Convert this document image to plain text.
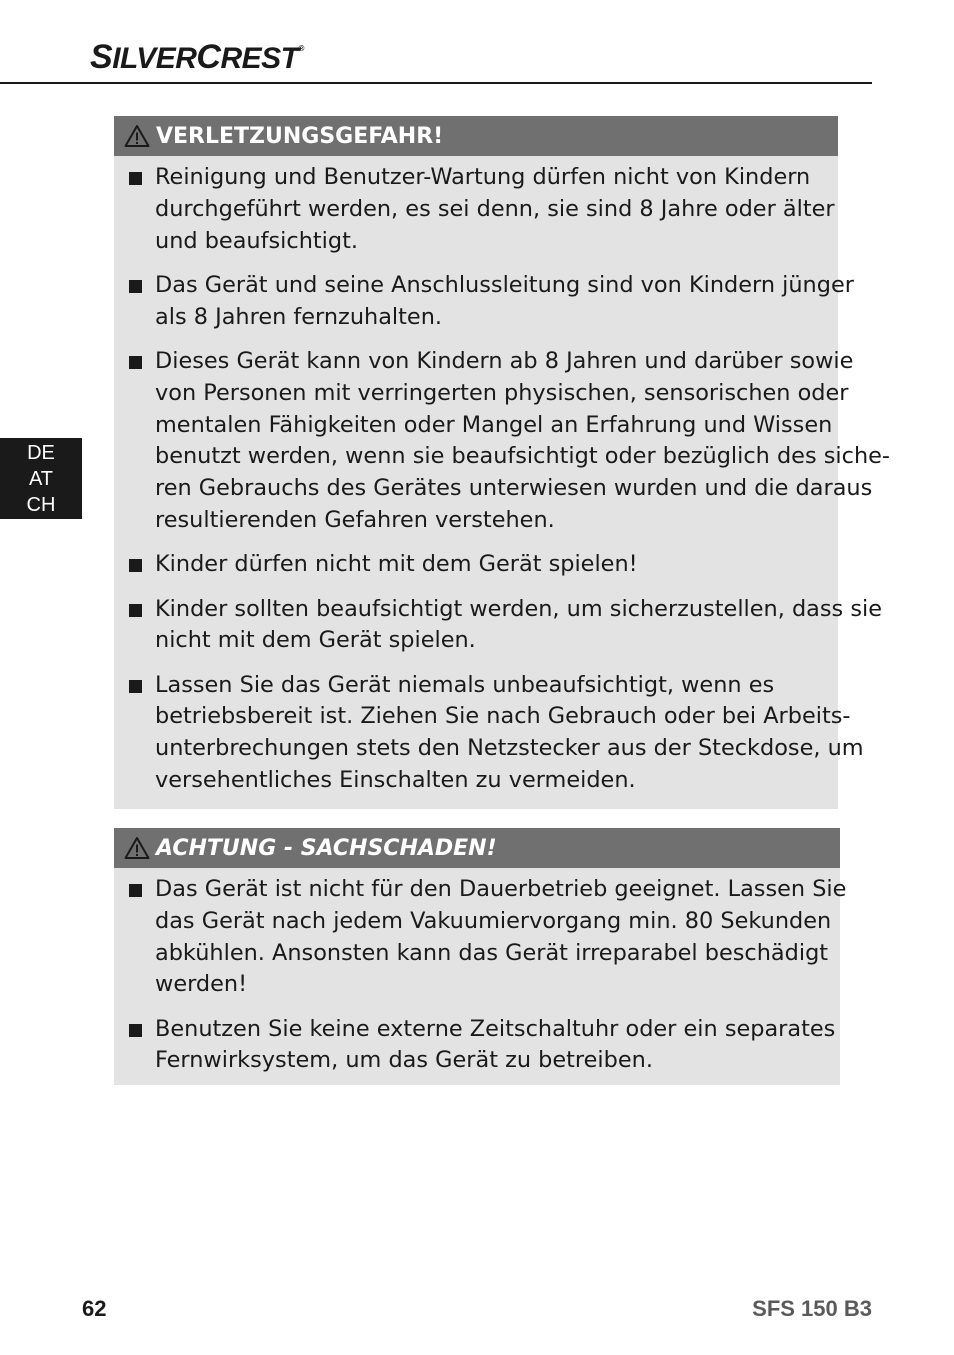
SILVERCREST®
DE
AT
CH
VERLETZUNGSGEFAHR!
Reinigung und Benutzer-Wartung dürfen nicht von Kindern
durchgeführt werden, es sei denn, sie sind 8 Jahre oder älter
und beaufsichtigt.
Das Gerät und seine Anschlussleitung sind von Kindern jünger
als 8 Jahren fernzuhalten.
Dieses Gerät kann von Kindern ab 8 Jahren und darüber sowie
von Personen mit verringerten physischen, sensorischen oder
mentalen Fähigkeiten oder Mangel an Erfahrung und Wissen
benutzt werden, wenn sie beaufsichtigt oder bezüglich des siche-
ren Gebrauchs des Gerätes unterwiesen wurden und die daraus
resultierenden Gefahren verstehen.
Kinder dürfen nicht mit dem Gerät spielen!
Kinder sollten beaufsichtigt werden, um sicherzustellen, dass sie
nicht mit dem Gerät spielen.
Lassen Sie das Gerät niemals unbeaufsichtigt, wenn es
betriebsbereit ist. Ziehen Sie nach Gebrauch oder bei Arbeits-
unterbrechungen stets den Netzstecker aus der Steckdose, um
versehentliches Einschalten zu vermeiden.
ACHTUNG - SACHSCHADEN!
Das Gerät ist nicht für den Dauerbetrieb geeignet. Lassen Sie
das Gerät nach jedem Vakuumiervorgang min. 80 Sekunden
abkühlen. Ansonsten kann das Gerät irreparabel beschädigt
werden!
Benutzen Sie keine externe Zeitschaltuhr oder ein separates
Fernwirksystem, um das Gerät zu betreiben.
62	SFS 150 B3
